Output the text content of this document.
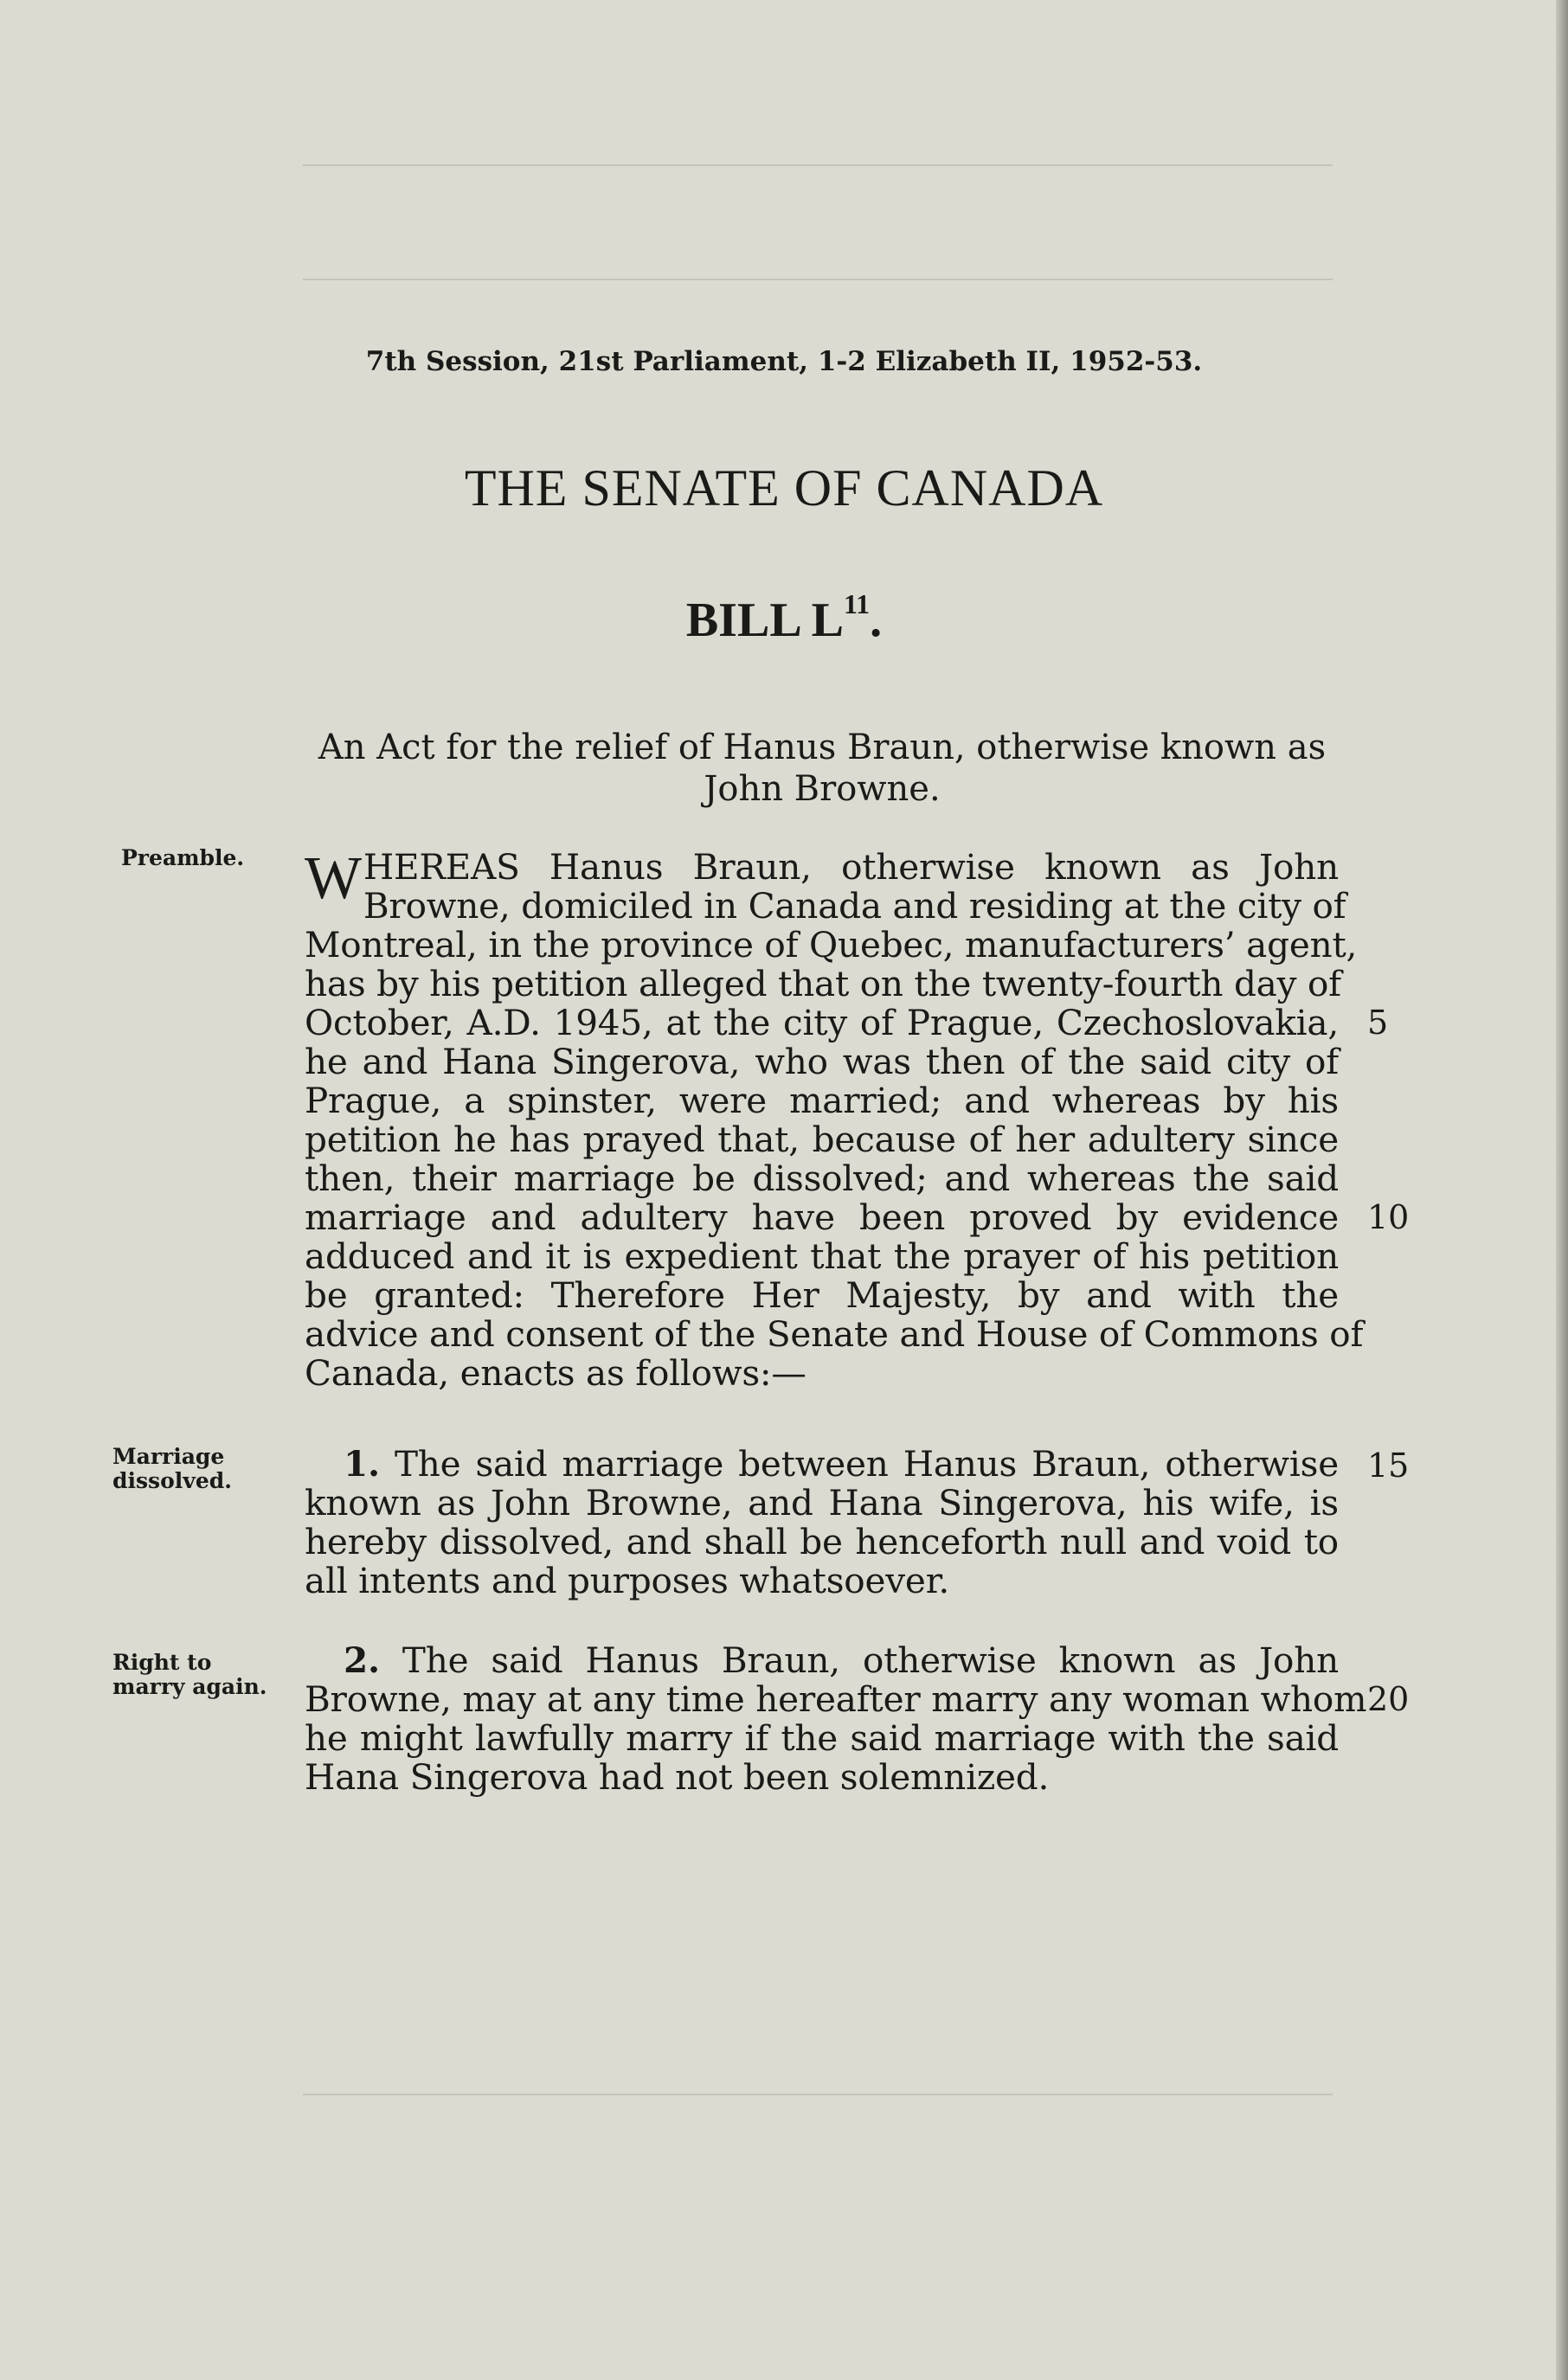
7th Session, 21st Parliament, 1-2 Elizabeth II, 1952-53.
THE SENATE OF CANADA
BILL $L^{11}$.
An Act for the relief of Hanus Braun, otherwise known as
John Browne.
Preamble.
Marriage
dissolved.
Right to
marry again.
W HEREAS Hanus Braun, otherwise known as John
Browne, domiciled in Canada and residing at the city of
Montreal, in the province of Quebec, manufacturers’ agent,
has by his petition alleged that on the twenty-fourth day of
October, A.D. 1945, at the city of Prague, Czechoslovakia,
he and Hana Singerova, who was then of the said city of
Prague, a spinster, were married; and whereas by his
petition he has prayed that, because of her adultery since
then, their marriage be dissolved; and whereas the said
marriage and adultery have been proved by evidence
adduced and it is expedient that the prayer of his petition
be granted: Therefore Her Majesty, by and with the
advice and consent of the Senate and House of Commons of
Canada, enacts as follows:—
1. The said marriage between Hanus Braun, otherwise
known as John Browne, and Hana Singerova, his wife, is
hereby dissolved, and shall be henceforth null and void to
all intents and purposes whatsoever.
2. The said Hanus Braun, otherwise known as John
Browne, may at any time hereafter marry any woman whom
he might lawfully marry if the said marriage with the said
Hana Singerova had not been solemnized.
5
10
15
20
